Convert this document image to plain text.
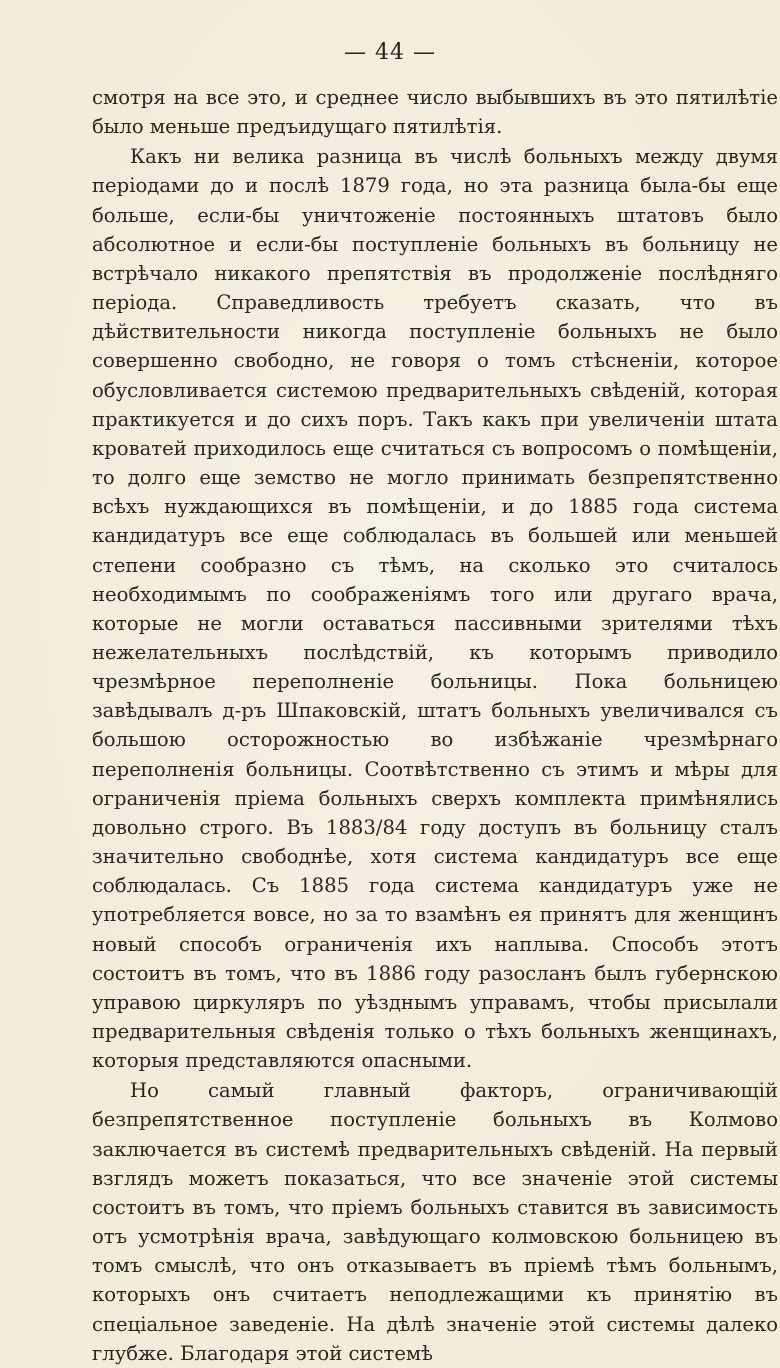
— 44 —

смотря на все это, и среднее число выбывшихъ въ это пятилѣтіе было меньше предъидущаго пятилѣтія.

Какъ ни велика разница въ числѣ больныхъ между двумя періодами до и послѣ 1879 года, но эта разница была-бы еще больше, если-бы уничтоженіе постоянныхъ штатовъ было абсолютное и если-бы поступленіе больныхъ въ больницу не встрѣчало никакого препятствія въ продолженіе послѣдняго періода. Справедливость требуетъ сказать, что въ дѣйствительности никогда поступленіе больныхъ не было совершенно свободно, не говоря о томъ стѣсненіи, которое обусловливается системою предварительныхъ свѣденій, которая практикуется и до сихъ поръ. Такъ какъ при увеличеніи штата кроватей приходилось еще считаться съ вопросомъ о помѣщеніи, то долго еще земство не могло принимать безпрепятственно всѣхъ нуждающихся въ помѣщеніи, и до 1885 года система кандидатуръ все еще соблюдалась въ большей или меньшей степени сообразно съ тѣмъ, на сколько это считалось необходимымъ по соображеніямъ того или другаго врача, которые не могли оставаться пассивными зрителями тѣхъ нежелательныхъ послѣдствій, къ которымъ приводило чрезмѣрное переполненіе больницы. Пока больницею завѣдывалъ д-ръ Шпаковскій, штатъ больныхъ увеличивался съ большою осторожностью во избѣжаніе чрезмѣрнаго переполненія больницы. Соотвѣтственно съ этимъ и мѣры для ограниченія пріема больныхъ сверхъ комплекта примѣнялись довольно строго. Въ 1883/84 году доступъ въ больницу сталъ значительно свободнѣе, хотя система кандидатуръ все еще соблюдалась. Съ 1885 года система кандидатуръ уже не употребляется вовсе, но за то взамѣнъ ея принятъ для женщинъ новый способъ ограниченія ихъ наплыва. Способъ этотъ состоитъ въ томъ, что въ 1886 году разосланъ былъ губернскою управою циркуляръ по уѣзднымъ управамъ, чтобы присылали предварительныя свѣденія только о тѣхъ больныхъ женщинахъ, которыя представляются опасными.

Но самый главный факторъ, ограничивающій безпрепятственное поступленіе больныхъ въ Колмово заключается въ системѣ предварительныхъ свѣденій. На первый взглядъ можетъ показаться, что все значеніе этой системы состоитъ въ томъ, что пріемъ больныхъ ставится въ зависимость отъ усмотрѣнія врача, завѣдующаго колмовскою больницею въ томъ смыслѣ, что онъ отказываетъ въ пріемѣ тѣмъ больнымъ, которыхъ онъ считаетъ неподлежащими къ принятію въ спеціальное заведеніе. На дѣлѣ значеніе этой системы далеко глубже. Благодаря этой системѣ
